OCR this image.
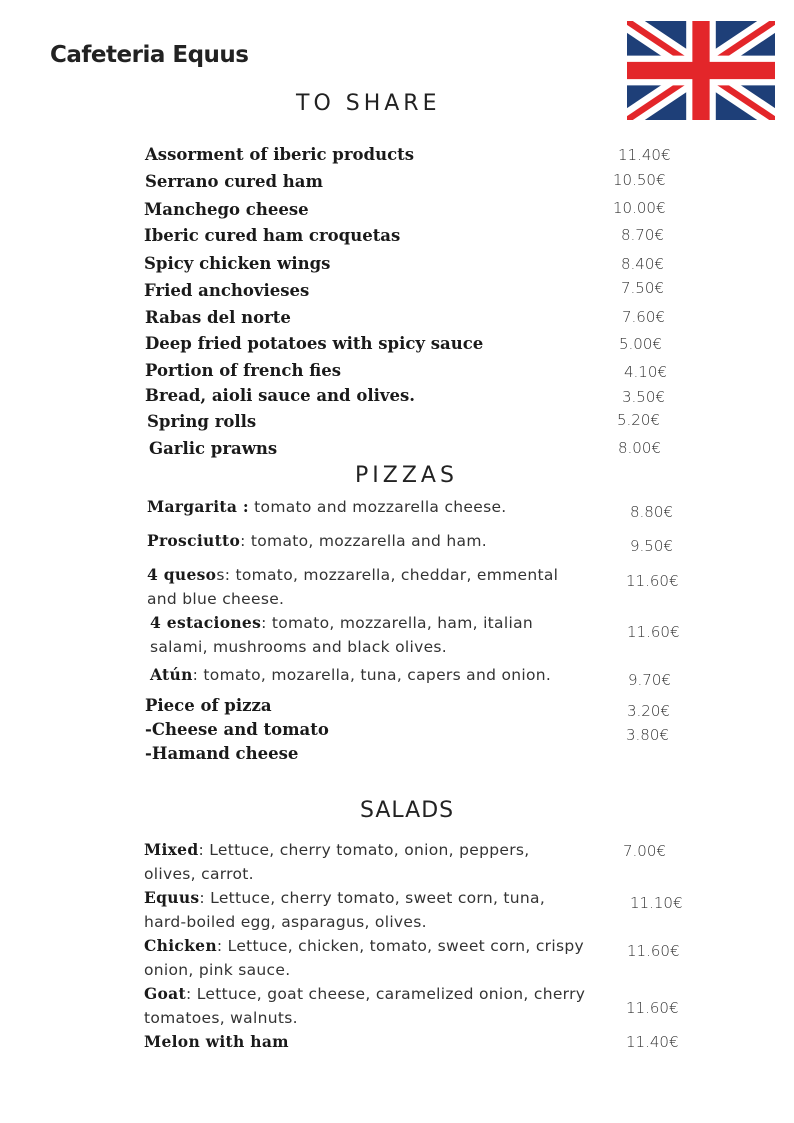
Cafeteria Equus
TO SHARE
Assorment of iberic products	11.40€
Serrano cured ham	10.50€
Manchego cheese	10.00€
Iberic cured ham croquetas	8.70€
Spicy chicken wings	8.40€
Fried anchovieses	7.50€
Rabas del norte	7.60€
Deep fried potatoes with spicy sauce	5.00€
Portion of french fies	4.10€
Bread, aioli sauce and olives.	3.50€
Spring rolls	5.20€
Garlic prawns	8.00€
PIZZAS
Margarita : tomato and mozzarella cheese.	8.80€
Prosciutto: tomato, mozzarella and ham.	9.50€
4 quesos: tomato, mozzarella, cheddar, emmental and blue cheese.
11.60€
4 estaciones: tomato, mozzarella, ham, italian salami, mushrooms and black olives.
11.60€
Atún: tomato, mozarella, tuna, capers and onion.	9.70€
Piece of pizza
-Cheese and tomato
3.20€
-Hamand cheese
3.80€
SALADS
Mixed: Lettuce, cherry tomato, onion, peppers, olives, carrot.
7.00€
Equus: Lettuce, cherry tomato, sweet corn, tuna, hard-boiled egg, asparagus, olives.
11.10€
Chicken: Lettuce, chicken, tomato, sweet corn, crispy onion, pink sauce.
11.60€
Goat: Lettuce, goat cheese, caramelized onion, cherry tomatoes, walnuts.
11.60€
Melon with ham	11.40€
